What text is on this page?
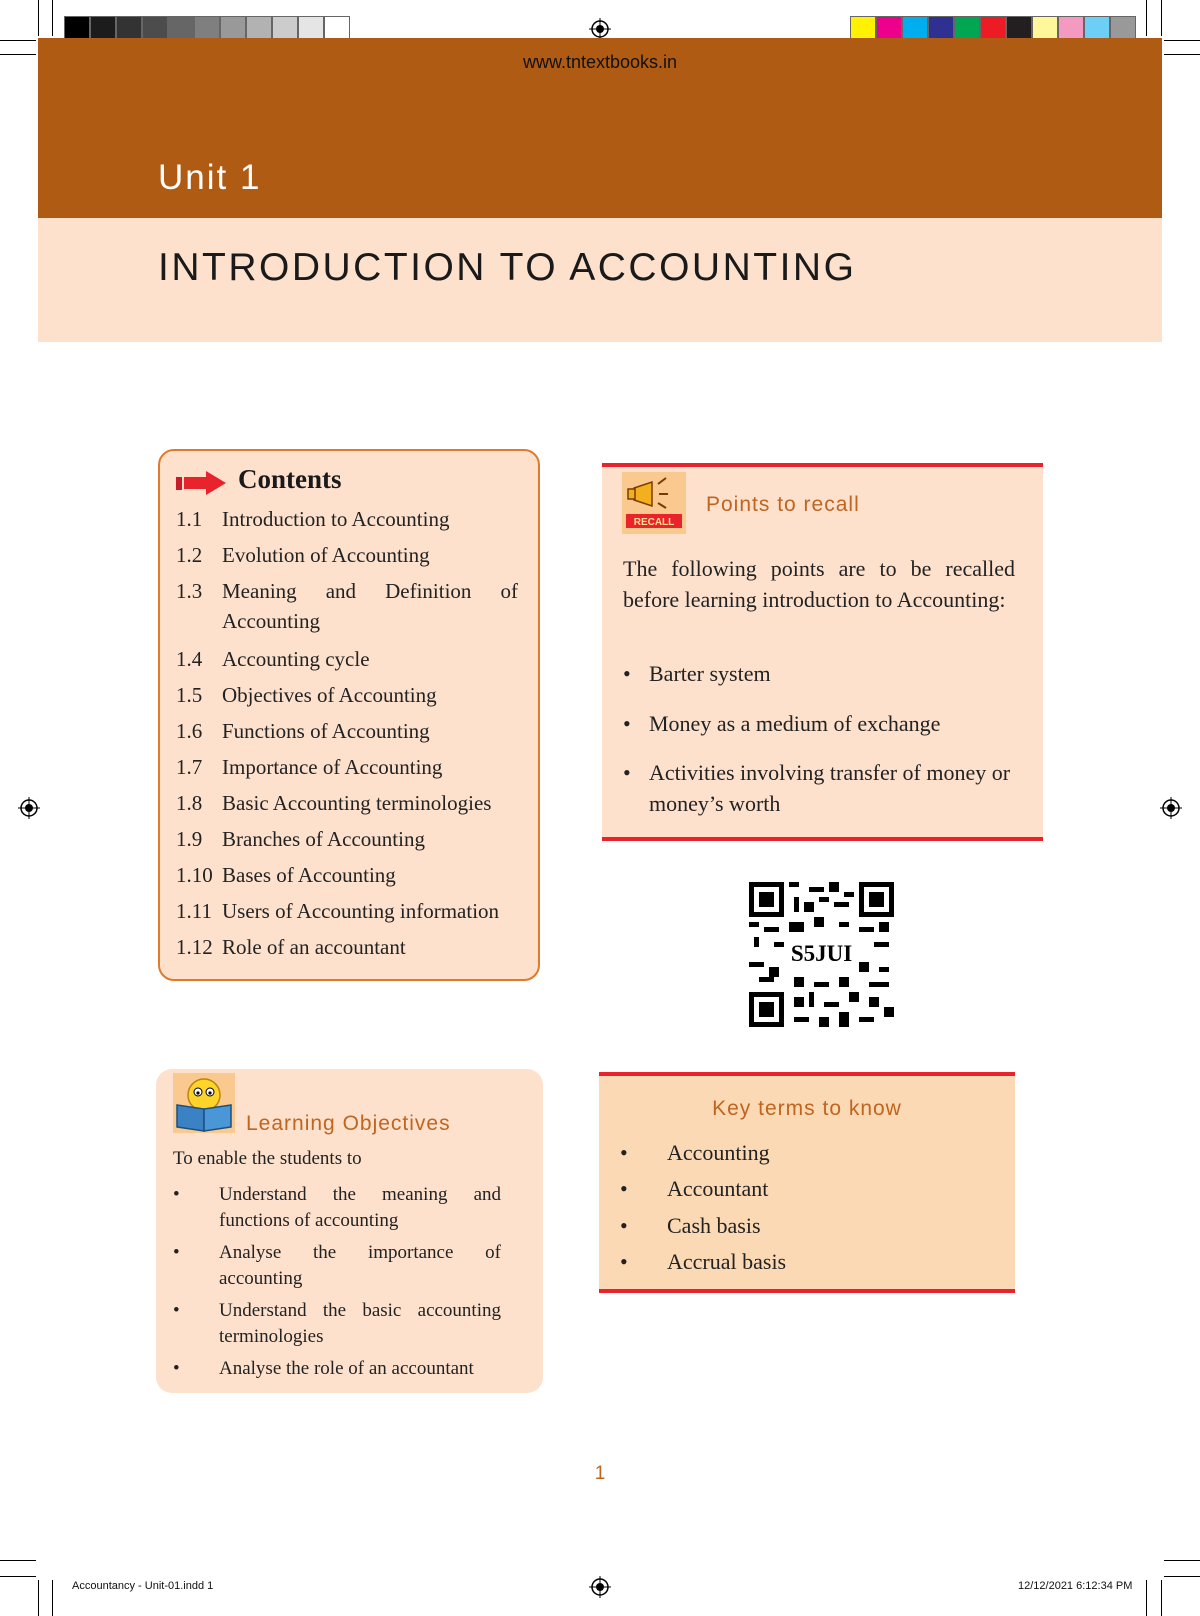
www.tntextbooks.in
Unit 1
INTRODUCTION TO ACCOUNTING
Contents
1.1 Introduction to Accounting
1.2 Evolution of Accounting
1.3 Meaning and Definition of Accounting
1.4 Accounting cycle
1.5 Objectives of Accounting
1.6 Functions of Accounting
1.7 Importance of Accounting
1.8 Basic Accounting terminologies
1.9 Branches of Accounting
1.10 Bases of Accounting
1.11 Users of Accounting information
1.12 Role of an accountant
RECALL
Points to recall
The following points are to be recalled before learning introduction to Accounting:
• Barter system
• Money as a medium of exchange
• Activities involving transfer of money or money’s worth
S5JUI
Learning Objectives
To enable the students to
• Understand the meaning and functions of accounting
• Analyse the importance of accounting
• Understand the basic accounting terminologies
• Analyse the role of an accountant
Key terms to know
• Accounting
• Accountant
• Cash basis
• Accrual basis
1
Accountancy - Unit-01.indd 1	12/12/2021 6:12:34 PM
